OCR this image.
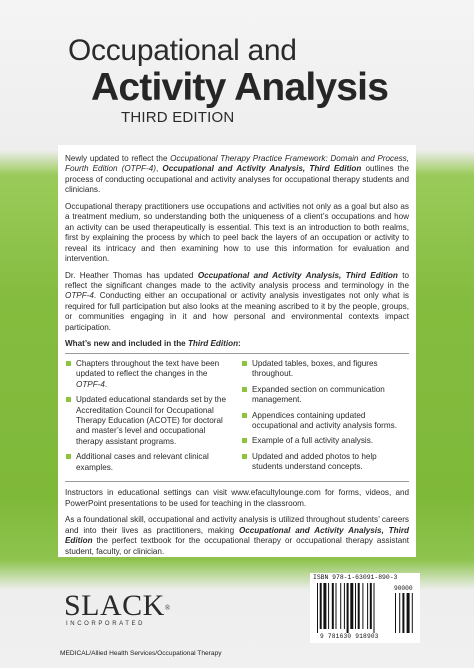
Occupational and
Activity Analysis
THIRD EDITION

Newly updated to reflect the Occupational Therapy Practice Framework: Domain and Process, Fourth Edition (OTPF-4), Occupational and Activity Analysis, Third Edition outlines the process of conducting occupational and activity analyses for occupational therapy students and clinicians.

Occupational therapy practitioners use occupations and activities not only as a goal but also as a treatment medium, so understanding both the uniqueness of a client’s occupations and how an activity can be used therapeutically is essential. This text is an introduction to both realms, first by explaining the process by which to peel back the layers of an occupation or activity to reveal its intricacy and then examining how to use this information for evaluation and intervention.

Dr. Heather Thomas has updated Occupational and Activity Analysis, Third Edition to reflect the significant changes made to the activity analysis process and terminology in the OTPF-4. Conducting either an occupational or activity analysis investigates not only what is required for full participation but also looks at the meaning ascribed to it by the people, groups, or communities engaging in it and how personal and environmental contexts impact participation.

What’s new and included in the Third Edition:
Chapters throughout the text have been updated to reflect the changes in the OTPF-4.
Updated educational standards set by the Accreditation Council for Occupational Therapy Education (ACOTE) for doctoral and master’s level and occupational therapy assistant programs.
Additional cases and relevant clinical examples.
Updated tables, boxes, and figures throughout.
Expanded section on communication management.
Appendices containing updated occupational and activity analysis forms.
Example of a full activity analysis.
Updated and added photos to help students understand concepts.

Instructors in educational settings can visit www.efacultylounge.com for forms, videos, and PowerPoint presentations to be used for teaching in the classroom.

As a foundational skill, occupational and activity analysis is utilized throughout students’ careers and into their lives as practitioners, making Occupational and Activity Analysis, Third Edition the perfect textbook for the occupational therapy or occupational therapy assistant student, faculty, or clinician.

SLACK®
INCORPORATED
MEDICAL/Allied Health Services/Occupational Therapy
ISBN 978-1-63091-890-3
90000
9 781630 918903
